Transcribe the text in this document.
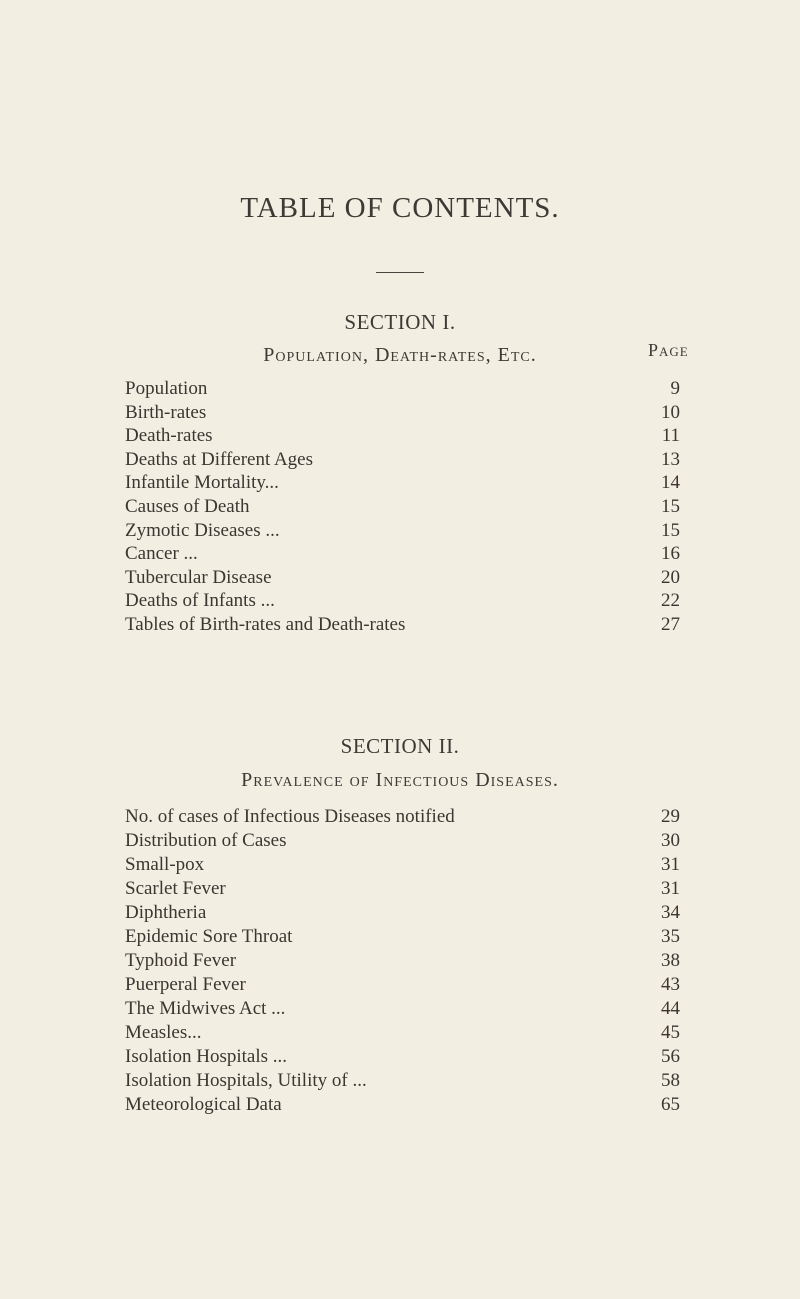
TABLE OF CONTENTS.
SECTION I.
Population, Death-rates, Etc.	Page
Population	9
Birth-rates	10
Death-rates	11
Deaths at Different Ages	13
Infantile Mortality...	14
Causes of Death	15
Zymotic Diseases ...	15
Cancer ...	16
Tubercular Disease	20
Deaths of Infants ...	22
Tables of Birth-rates and Death-rates	27
SECTION II.
Prevalence of Infectious Diseases.
No. of cases of Infectious Diseases notified	29
Distribution of Cases	30
Small-pox	31
Scarlet Fever	31
Diphtheria	34
Epidemic Sore Throat	35
Typhoid Fever	38
Puerperal Fever	43
The Midwives Act ...	44
Measles...	45
Isolation Hospitals ...	56
Isolation Hospitals, Utility of ...	58
Meteorological Data	65
